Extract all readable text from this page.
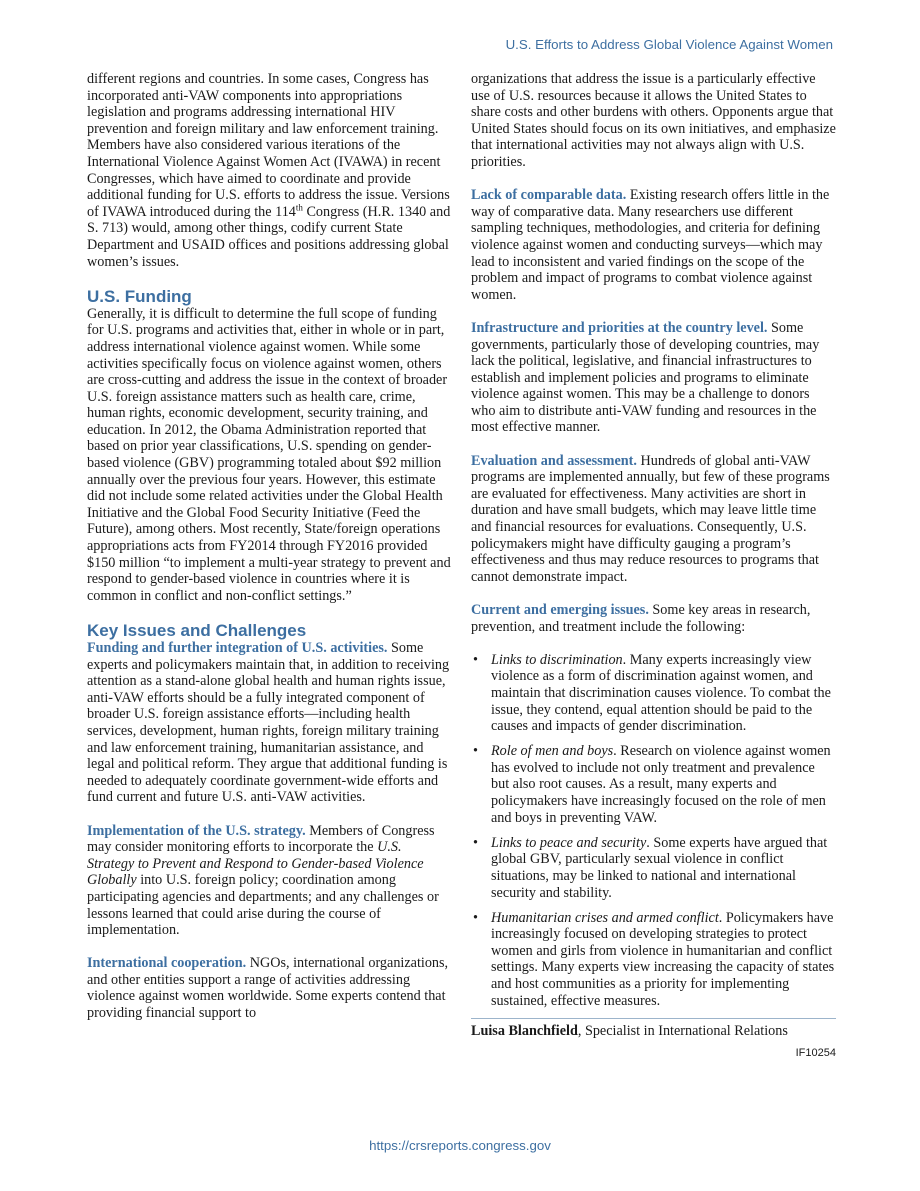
U.S. Efforts to Address Global Violence Against Women

different regions and countries. In some cases, Congress has incorporated anti-VAW components into appropriations legislation and programs addressing international HIV prevention and foreign military and law enforcement training. Members have also considered various iterations of the International Violence Against Women Act (IVAWA) in recent Congresses, which have aimed to coordinate and provide additional funding for U.S. efforts to address the issue. Versions of IVAWA introduced during the 114th Congress (H.R. 1340 and S. 713) would, among other things, codify current State Department and USAID offices and positions addressing global women’s issues.

U.S. Funding

Generally, it is difficult to determine the full scope of funding for U.S. programs and activities that, either in whole or in part, address international violence against women. While some activities specifically focus on violence against women, others are cross-cutting and address the issue in the context of broader U.S. foreign assistance matters such as health care, crime, human rights, economic development, security training, and education. In 2012, the Obama Administration reported that based on prior year classifications, U.S. spending on gender-based violence (GBV) programming totaled about $92 million annually over the previous four years. However, this estimate did not include some related activities under the Global Health Initiative and the Global Food Security Initiative (Feed the Future), among others. Most recently, State/foreign operations appropriations acts from FY2014 through FY2016 provided $150 million “to implement a multi-year strategy to prevent and respond to gender-based violence in countries where it is common in conflict and non-conflict settings.”

Key Issues and Challenges

Funding and further integration of U.S. activities. Some experts and policymakers maintain that, in addition to receiving attention as a stand-alone global health and human rights issue, anti-VAW efforts should be a fully integrated component of broader U.S. foreign assistance efforts—including health services, development, human rights, foreign military training and law enforcement training, humanitarian assistance, and legal and political reform. They argue that additional funding is needed to adequately coordinate government-wide efforts and fund current and future U.S. anti-VAW activities.

Implementation of the U.S. strategy. Members of Congress may consider monitoring efforts to incorporate the U.S. Strategy to Prevent and Respond to Gender-based Violence Globally into U.S. foreign policy; coordination among participating agencies and departments; and any challenges or lessons learned that could arise during the course of implementation.

International cooperation. NGOs, international organizations, and other entities support a range of activities addressing violence against women worldwide. Some experts contend that providing financial support to

organizations that address the issue is a particularly effective use of U.S. resources because it allows the United States to share costs and other burdens with others. Opponents argue that United States should focus on its own initiatives, and emphasize that international activities may not always align with U.S. priorities.

Lack of comparable data. Existing research offers little in the way of comparative data. Many researchers use different sampling techniques, methodologies, and criteria for defining violence against women and conducting surveys—which may lead to inconsistent and varied findings on the scope of the problem and impact of programs to combat violence against women.

Infrastructure and priorities at the country level. Some governments, particularly those of developing countries, may lack the political, legislative, and financial infrastructures to establish and implement policies and programs to eliminate violence against women. This may be a challenge to donors who aim to distribute anti-VAW funding and resources in the most effective manner.

Evaluation and assessment. Hundreds of global anti-VAW programs are implemented annually, but few of these programs are evaluated for effectiveness. Many activities are short in duration and have small budgets, which may leave little time and financial resources for evaluations. Consequently, U.S. policymakers might have difficulty gauging a program’s effectiveness and thus may reduce resources to programs that cannot demonstrate impact.

Current and emerging issues. Some key areas in research, prevention, and treatment include the following:

• Links to discrimination. Many experts increasingly view violence as a form of discrimination against women, and maintain that discrimination causes violence. To combat the issue, they contend, equal attention should be paid to the causes and impacts of gender discrimination.
• Role of men and boys. Research on violence against women has evolved to include not only treatment and prevalence but also root causes. As a result, many experts and policymakers have increasingly focused on the role of men and boys in preventing VAW.
• Links to peace and security. Some experts have argued that global GBV, particularly sexual violence in conflict situations, may be linked to national and international security and stability.
• Humanitarian crises and armed conflict. Policymakers have increasingly focused on developing strategies to protect women and girls from violence in humanitarian and conflict settings. Many experts view increasing the capacity of states and host communities as a priority for implementing sustained, effective measures.
Luisa Blanchfield, Specialist in International Relations
IF10254
https://crsreports.congress.gov
